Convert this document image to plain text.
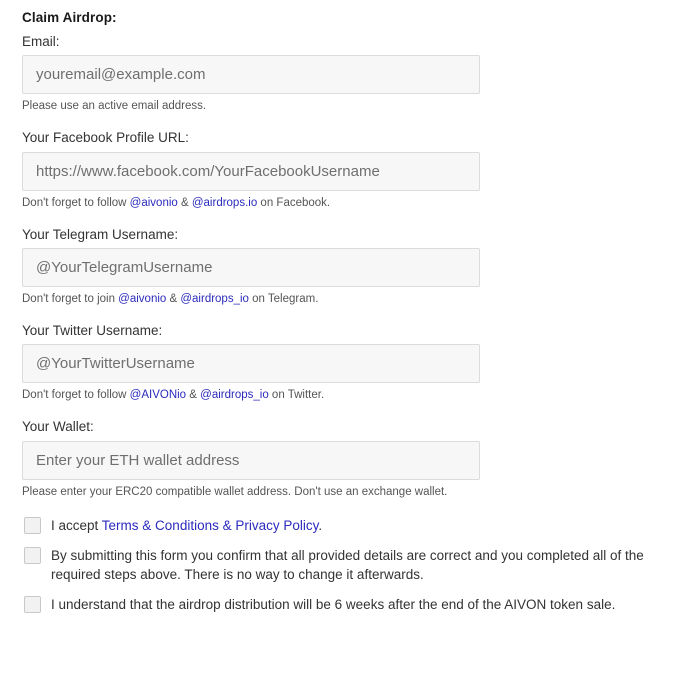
Claim Airdrop:
Email:
youremail@example.com
Please use an active email address.
Your Facebook Profile URL:
https://www.facebook.com/YourFacebookUsername
Don't forget to follow @aivonio & @airdrops.io on Facebook.
Your Telegram Username:
@YourTelegramUsername
Don't forget to join @aivonio & @airdrops_io on Telegram.
Your Twitter Username:
@YourTwitterUsername
Don't forget to follow @AIVONio & @airdrops_io on Twitter.
Your Wallet:
Enter your ETH wallet address
Please enter your ERC20 compatible wallet address. Don't use an exchange wallet.
I accept Terms & Conditions & Privacy Policy.
By submitting this form you confirm that all provided details are correct and you completed all of the required steps above. There is no way to change it afterwards.
I understand that the airdrop distribution will be 6 weeks after the end of the AIVON token sale.
